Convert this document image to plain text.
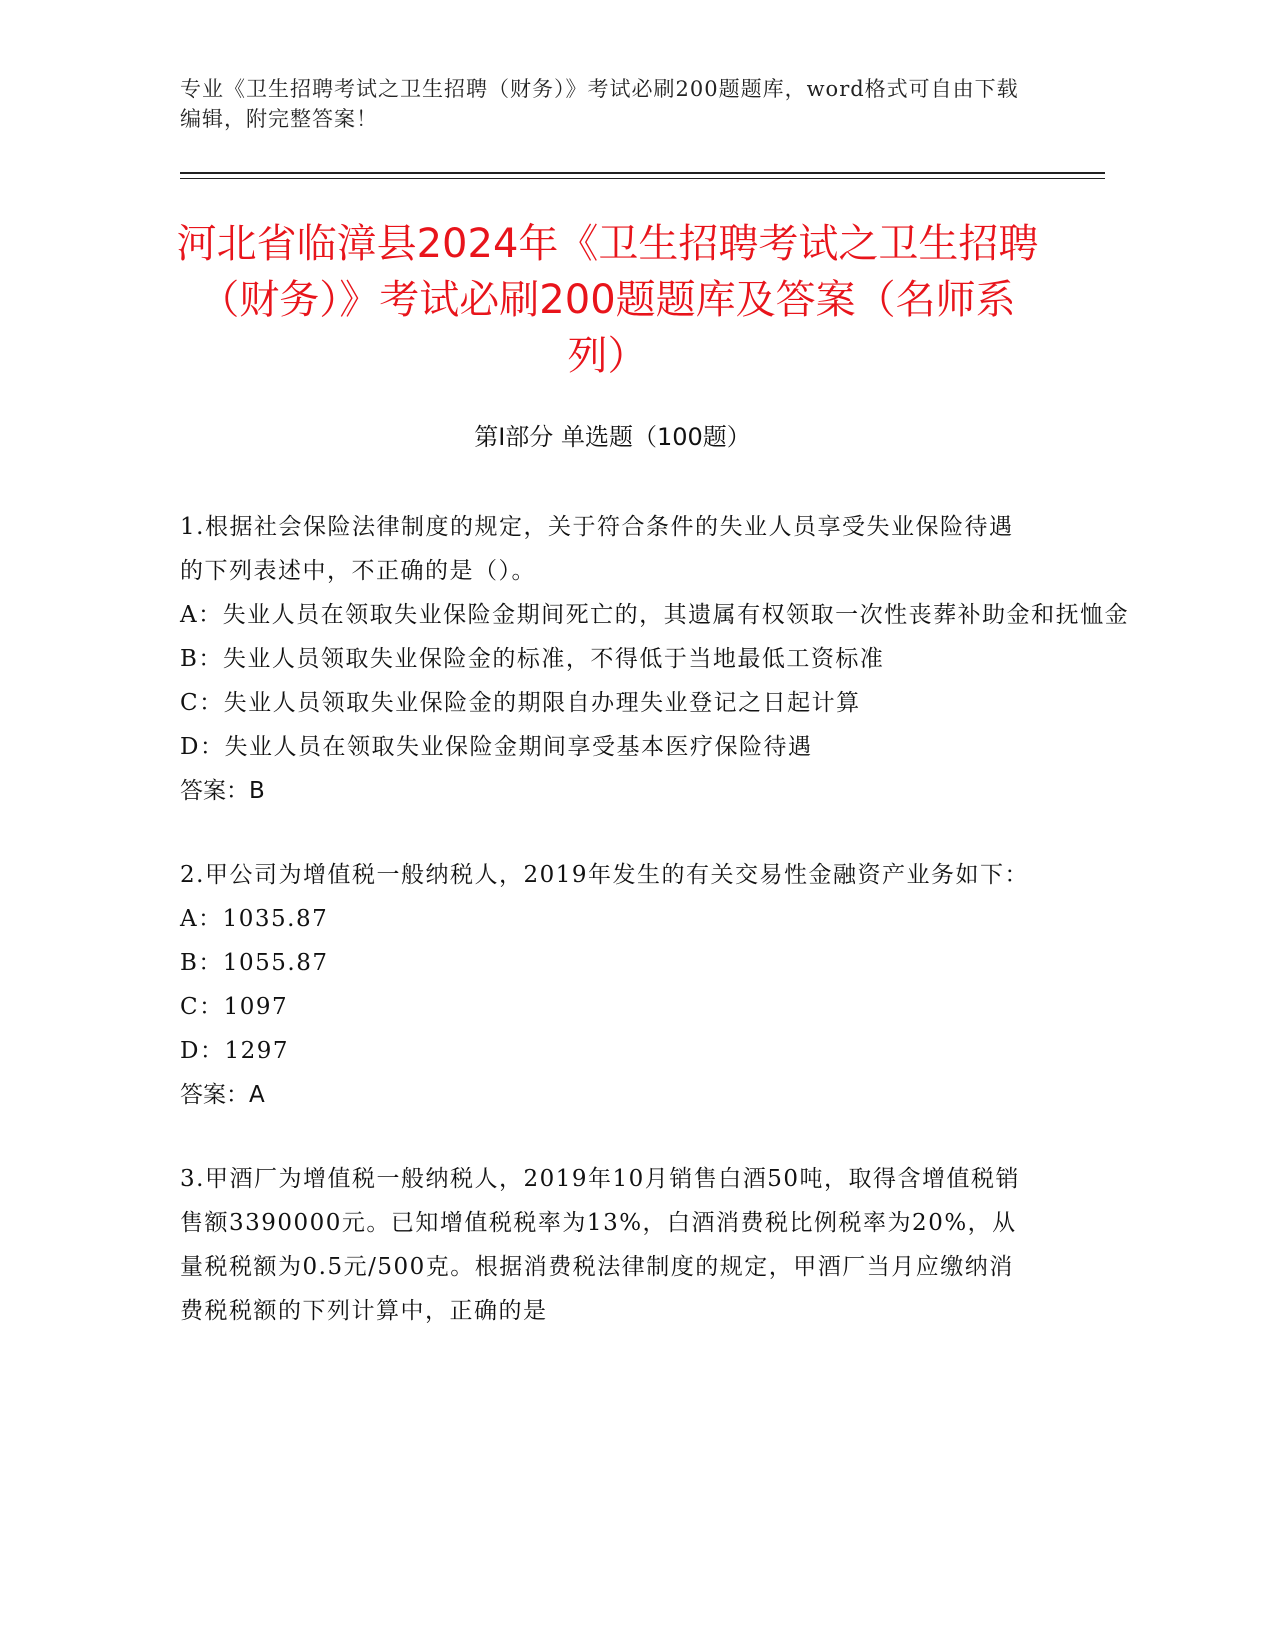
专业《卫生招聘考试之卫生招聘（财务）》考试必刷200题题库，word格式可自由下载编辑，附完整答案！
河北省临漳县2024年《卫生招聘考试之卫生招聘（财务）》考试必刷200题题库及答案（名师系列）
第Ⅰ部分 单选题（100题）

1.根据社会保险法律制度的规定，关于符合条件的失业人员享受失业保险待遇的下列表述中，不正确的是（）。

A：失业人员在领取失业保险金期间死亡的，其遗属有权领取一次性丧葬补助金和抚恤金

B：失业人员领取失业保险金的标准，不得低于当地最低工资标准

C：失业人员领取失业保险金的期限自办理失业登记之日起计算

D：失业人员在领取失业保险金期间享受基本医疗保险待遇

答案：B

2.甲公司为增值税一般纳税人，2019年发生的有关交易性金融资产业务如下：

A：1035.87

B：1055.87

C：1097

D：1297

答案：A

3.甲酒厂为增值税一般纳税人，2019年10月销售白酒50吨，取得含增值税销售额3390000元。已知增值税税率为13%，白酒消费税比例税率为20%，从量税税额为0.5元/500克。根据消费税法律制度的规定，甲酒厂当月应缴纳消费税税额的下列计算中，正确的是
